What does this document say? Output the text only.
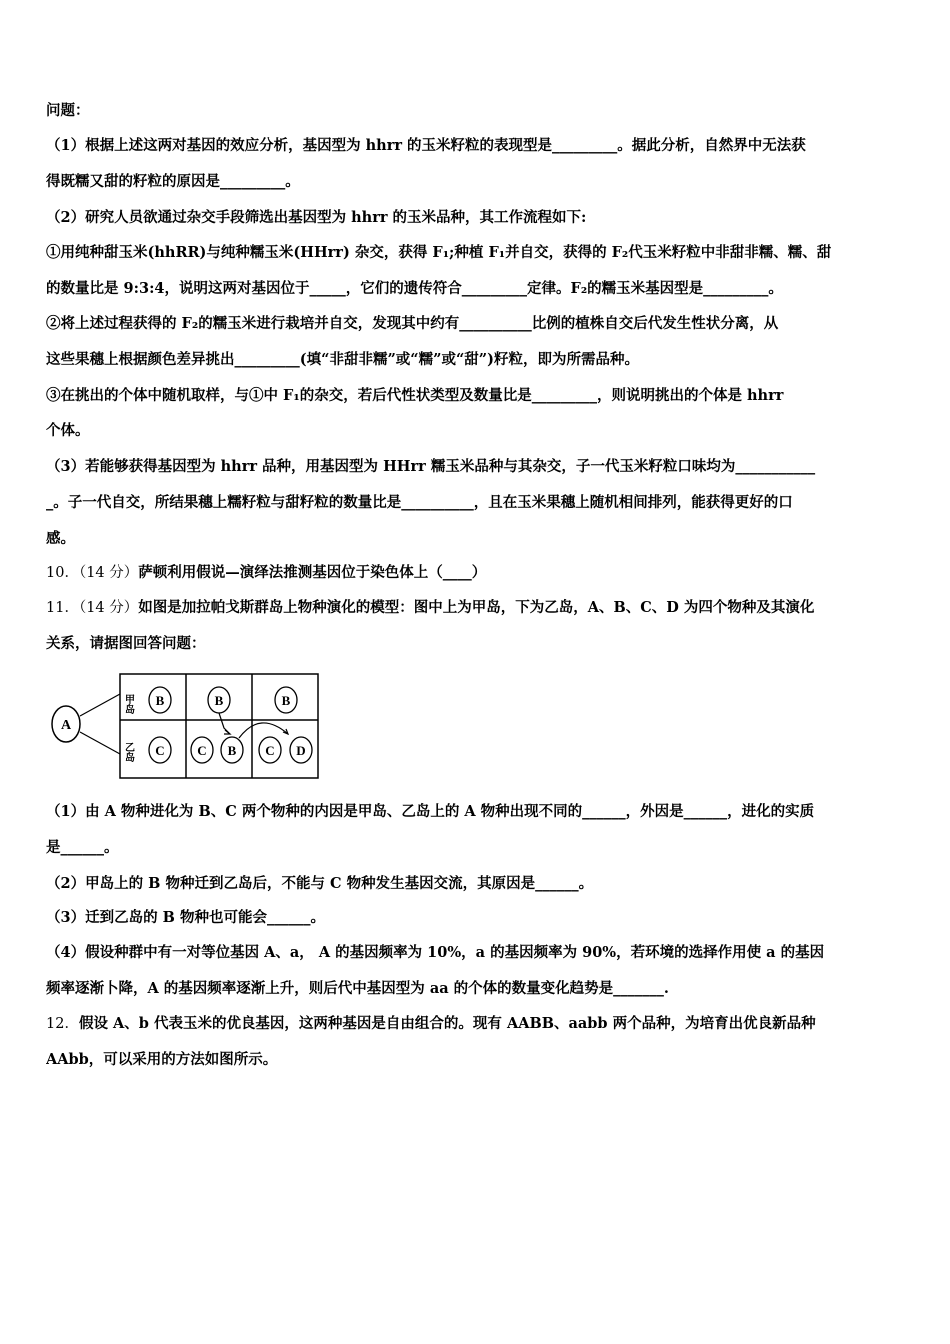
问题：
（1）根据上述这两对基因的效应分析，基因型为 hhrr 的玉米籽粒的表现型是_________。据此分析，自然界中无法获
得既糯又甜的籽粒的原因是_________。
（2）研究人员欲通过杂交手段筛选出基因型为 hhrr 的玉米品种，其工作流程如下:
①用纯种甜玉米(hhRR)与纯种糯玉米(HHrr) 杂交，获得 F₁;种植 F₁并自交，获得的 F₂代玉米籽粒中非甜非糯、糯、甜
的数量比是 9:3:4，说明这两对基因位于_____，它们的遗传符合_________定律。F₂的糯玉米基因型是_________。
②将上述过程获得的 F₂的糯玉米进行栽培并自交，发现其中约有__________比例的植株自交后代发生性状分离，从
这些果穗上根据颜色差异挑出_________(填“非甜非糯”或“糯”或“甜”)籽粒，即为所需品种。
③在挑出的个体中随机取样，与①中 F₁的杂交，若后代性状类型及数量比是_________，则说明挑出的个体是 hhrr
个体。
（3）若能够获得基因型为 hhrr 品种，用基因型为 HHrr 糯玉米品种与其杂交，子一代玉米籽粒口味均为___________
_。子一代自交，所结果穗上糯籽粒与甜籽粒的数量比是__________，且在玉米果穗上随机相间排列，能获得更好的口
感。
10．（14 分）萨顿利用假说—演绎法推测基因位于染色体上（____）
11．（14 分）如图是加拉帕戈斯群岛上物种演化的模型：图中上为甲岛，下为乙岛，A、B、C、D 为四个物种及其演化
关系，请据图回答问题：
A
甲岛
乙岛
B	B	B
C	C B C D
（1）由 A 物种进化为 B、C 两个物种的内因是甲岛、乙岛上的 A 物种出现不同的______，外因是______，进化的实质
是______。
（2）甲岛上的 B 物种迁到乙岛后，不能与 C 物种发生基因交流，其原因是______。
（3）迁到乙岛的 B 物种也可能会______。
（4）假设种群中有一对等位基因 A、a， A 的基因频率为 10%，a 的基因频率为 90%，若环境的选择作用使 a 的基因
频率逐渐卜降，A 的基因频率逐渐上升，则后代中基因型为 aa 的个体的数量变化趋势是_______.
12．假设 A、b 代表玉米的优良基因，这两种基因是自由组合的。现有 AABB、aabb 两个品种，为培育出优良新品种
AAbb，可以采用的方法如图所示。
